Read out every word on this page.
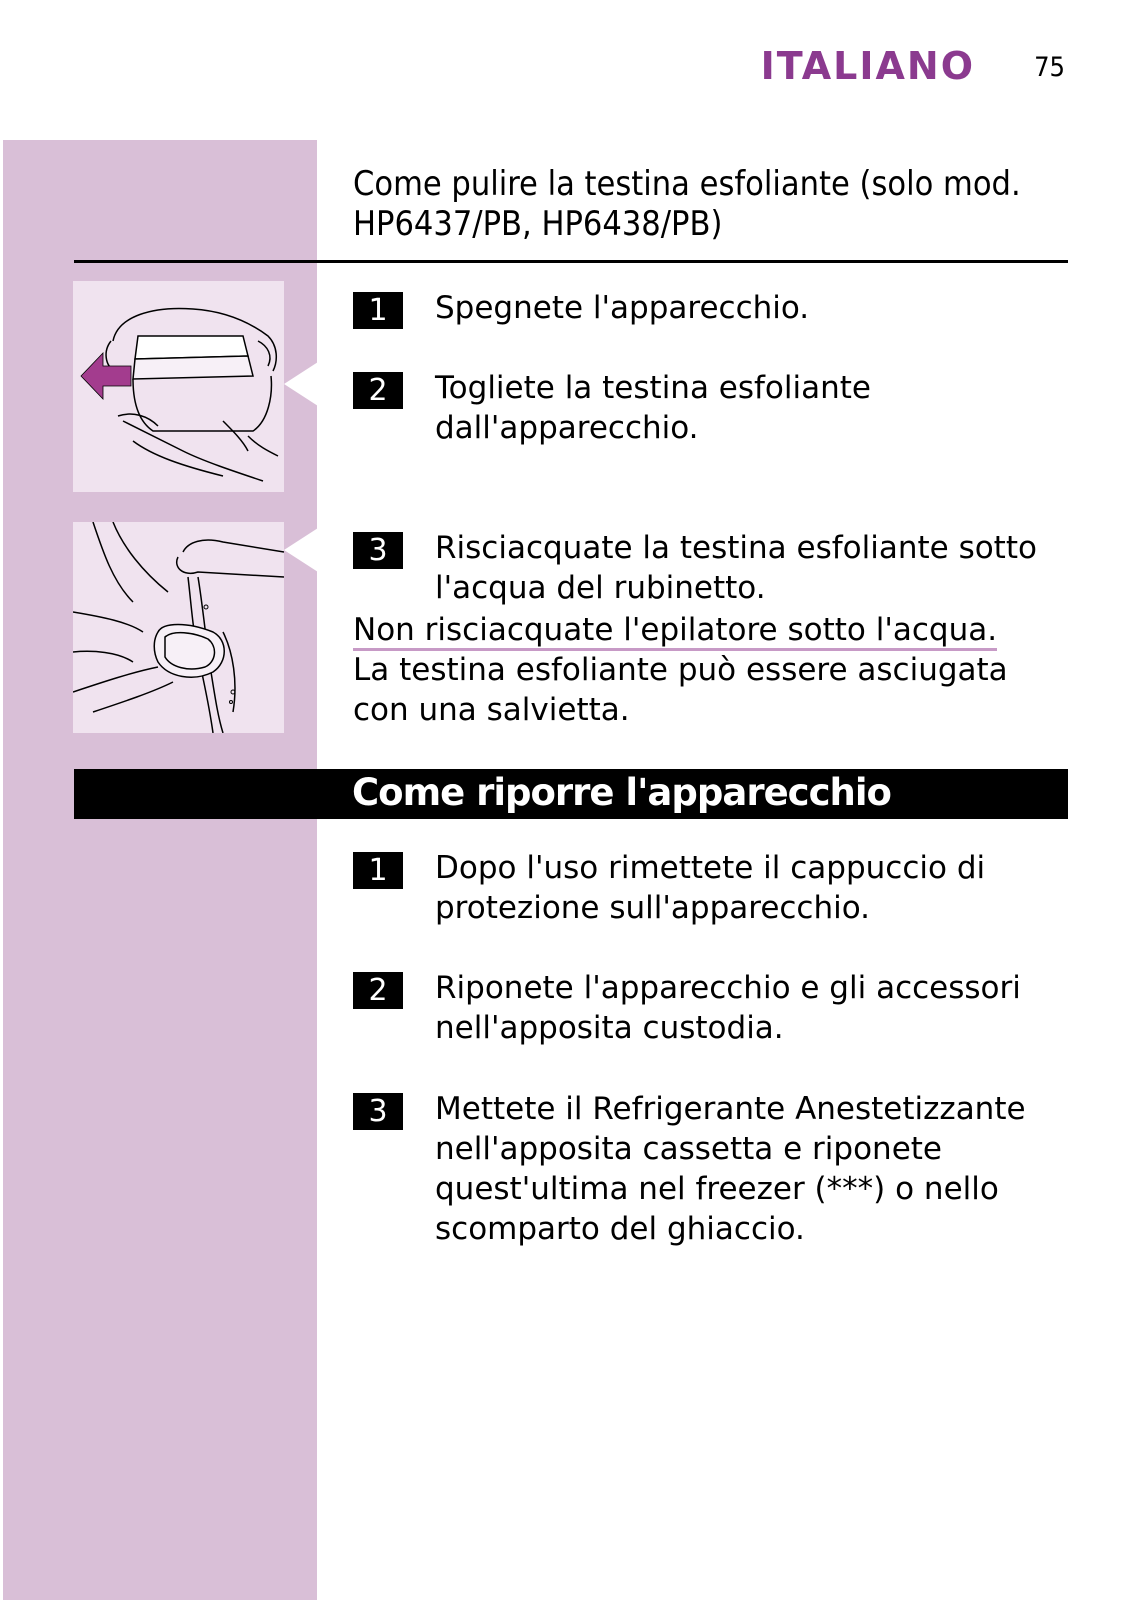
ITALIANO 75
Come pulire la testina esfoliante (solo mod. HP6437/PB, HP6438/PB)
1	Spegnete l'apparecchio.
2	Togliete la testina esfoliante dall'apparecchio.
3	Risciacquate la testina esfoliante sotto l'acqua del rubinetto.
Non risciacquate l'epilatore sotto l'acqua.
La testina esfoliante può essere asciugata con una salvietta.
Come riporre l'apparecchio
1	Dopo l'uso rimettete il cappuccio di protezione sull'apparecchio.
2	Riponete l'apparecchio e gli accessori nell'apposita custodia.
3	Mettete il Refrigerante Anestetizzante nell'apposita cassetta e riponete quest'ultima nel freezer (***) o nello scomparto del ghiaccio.
